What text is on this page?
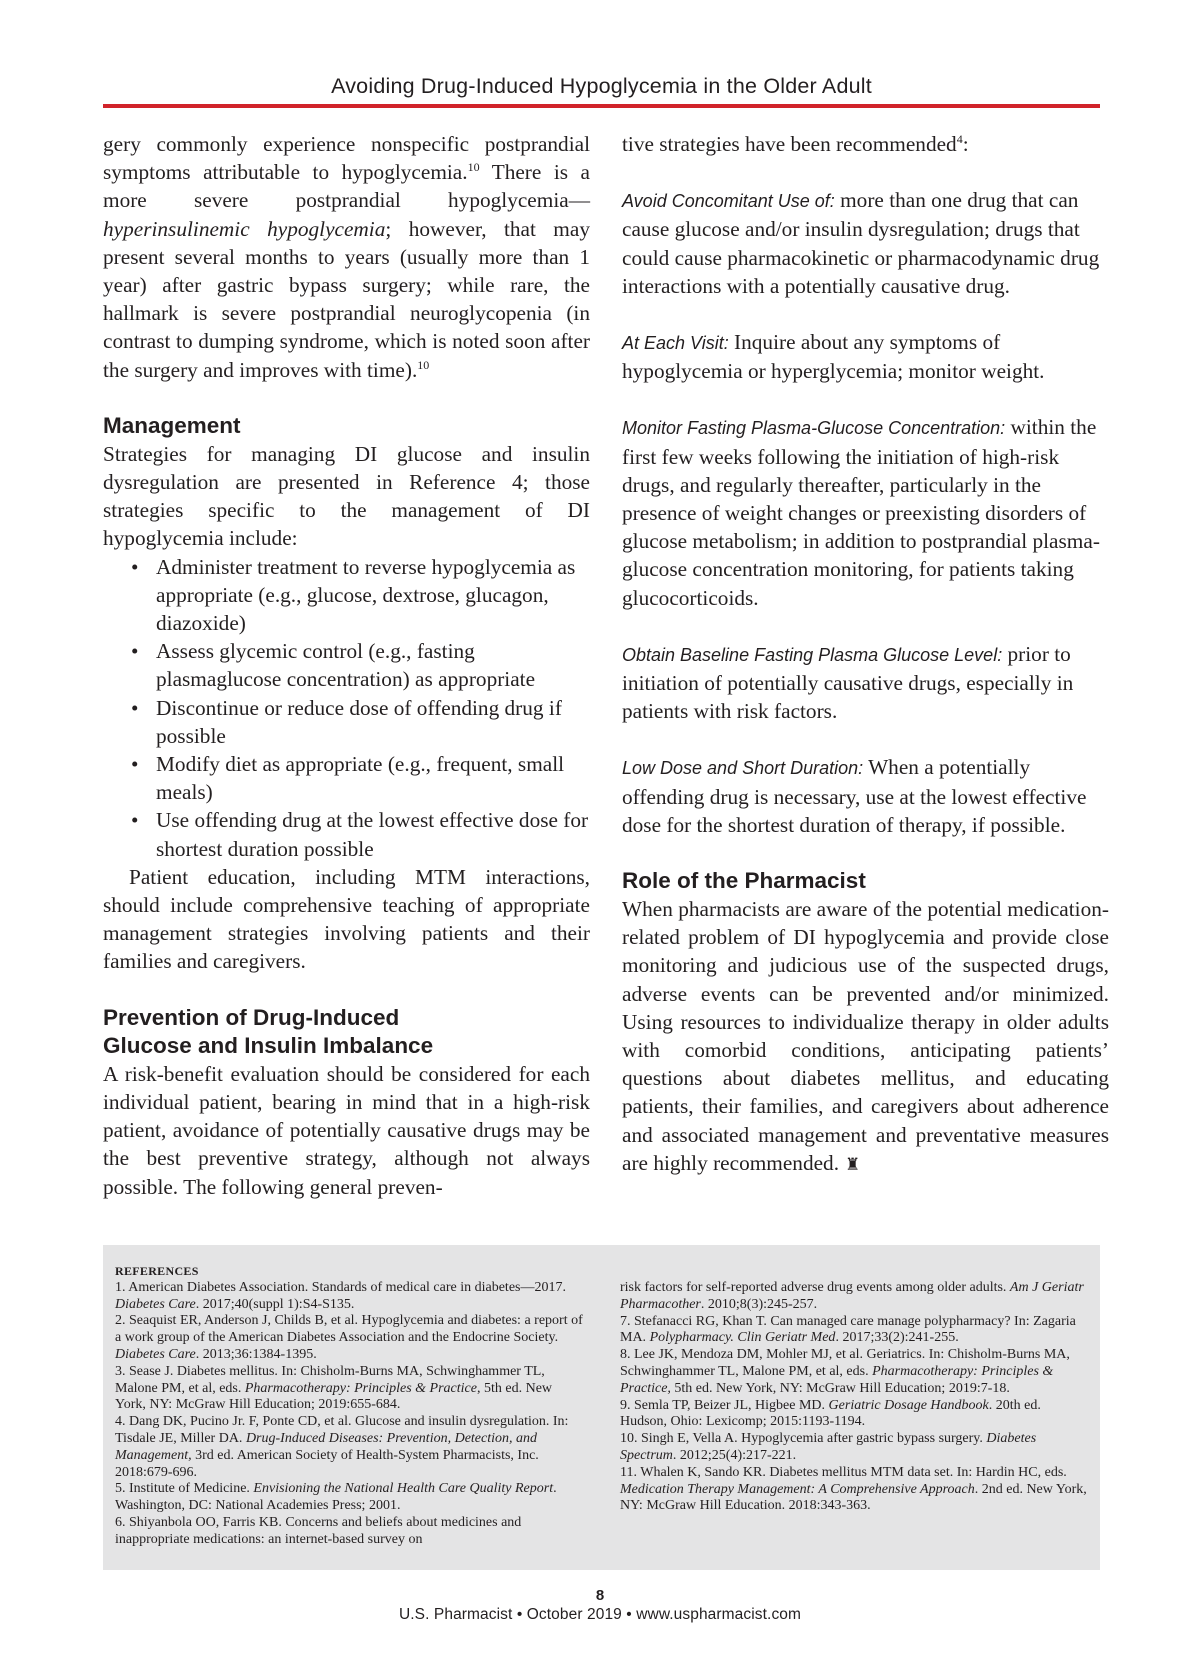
Avoiding Drug-Induced Hypoglycemia in the Older Adult

gery commonly experience nonspecific postprandial symptoms attributable to hypoglycemia.$^{10}$ There is a more severe postprandial hypoglycemia—hyperinsulinemic hypoglycemia; however, that may present several months to years (usually more than 1 year) after gastric bypass surgery; while rare, the hallmark is severe postprandial neuroglycopenia (in contrast to dumping syndrome, which is noted soon after the surgery and improves with time).$^{10}$

Management

Strategies for managing DI glucose and insulin dysregulation are presented in Reference 4; those strategies specific to the management of DI hypoglycemia include:

• Administer treatment to reverse hypoglycemia as appropriate (e.g., glucose, dextrose, glucagon, diazoxide)
• Assess glycemic control (e.g., fasting plasmaglucose concentration) as appropriate
• Discontinue or reduce dose of offending drug if possible
• Modify diet as appropriate (e.g., frequent, small meals)
• Use offending drug at the lowest effective dose for shortest duration possible

Patient education, including MTM interactions, should include comprehensive teaching of appropriate management strategies involving patients and their families and caregivers.

Prevention of Drug-Induced
Glucose and Insulin Imbalance

A risk-benefit evaluation should be considered for each individual patient, bearing in mind that in a high-risk patient, avoidance of potentially causative drugs may be the best preventive strategy, although not always possible. The following general preven-

tive strategies have been recommended$^4$:

Avoid Concomitant Use of: more than one drug that can cause glucose and/or insulin dysregulation; drugs that could cause pharmacokinetic or pharmacodynamic drug interactions with a potentially causative drug.

At Each Visit: Inquire about any symptoms of hypoglycemia or hyperglycemia; monitor weight.

Monitor Fasting Plasma-Glucose Concentration: within the first few weeks following the initiation of high-risk drugs, and regularly thereafter, particularly in the presence of weight changes or preexisting disorders of glucose metabolism; in addition to postprandial plasma-glucose concentration monitoring, for patients taking glucocorticoids.

Obtain Baseline Fasting Plasma Glucose Level: prior to initiation of potentially causative drugs, especially in patients with risk factors.

Low Dose and Short Duration: When a potentially offending drug is necessary, use at the lowest effective dose for the shortest duration of therapy, if possible.

Role of the Pharmacist

When pharmacists are aware of the potential medication-related problem of DI hypoglycemia and provide close monitoring and judicious use of the suspected drugs, adverse events can be prevented and/or minimized. Using resources to individualize therapy in older adults with comorbid conditions, anticipating patients’ questions about diabetes mellitus, and educating patients, their families, and caregivers about adherence and associated management and preventative measures are highly recommended. ♜

REFERENCES

1. American Diabetes Association. Standards of medical care in diabetes—2017. Diabetes Care. 2017;40(suppl 1):S4-S135.

2. Seaquist ER, Anderson J, Childs B, et al. Hypoglycemia and diabetes: a report of a work group of the American Diabetes Association and the Endocrine Society. Diabetes Care. 2013;36:1384-1395.

3. Sease J. Diabetes mellitus. In: Chisholm-Burns MA, Schwinghammer TL, Malone PM, et al, eds. Pharmacotherapy: Principles & Practice, 5th ed. New York, NY: McGraw Hill Education; 2019:655-684.

4. Dang DK, Pucino Jr. F, Ponte CD, et al. Glucose and insulin dysregulation. In: Tisdale JE, Miller DA. Drug-Induced Diseases: Prevention, Detection, and Management, 3rd ed. American Society of Health-System Pharmacists, Inc. 2018:679-696.

5. Institute of Medicine. Envisioning the National Health Care Quality Report. Washington, DC: National Academies Press; 2001.

6. Shiyanbola OO, Farris KB. Concerns and beliefs about medicines and inappropriate medications: an internet-based survey on

risk factors for self-reported adverse drug events among older adults. Am J Geriatr Pharmacother. 2010;8(3):245-257.

7. Stefanacci RG, Khan T. Can managed care manage polypharmacy? In: Zagaria MA. Polypharmacy. Clin Geriatr Med. 2017;33(2):241-255.

8. Lee JK, Mendoza DM, Mohler MJ, et al. Geriatrics. In: Chisholm-Burns MA, Schwinghammer TL, Malone PM, et al, eds. Pharmacotherapy: Principles & Practice, 5th ed. New York, NY: McGraw Hill Education; 2019:7-18.

9. Semla TP, Beizer JL, Higbee MD. Geriatric Dosage Handbook. 20th ed. Hudson, Ohio: Lexicomp; 2015:1193-1194.

10. Singh E, Vella A. Hypoglycemia after gastric bypass surgery. Diabetes Spectrum. 2012;25(4):217-221.

11. Whalen K, Sando KR. Diabetes mellitus MTM data set. In: Hardin HC, eds. Medication Therapy Management: A Comprehensive Approach. 2nd ed. New York, NY: McGraw Hill Education. 2018:343-363.

8
U.S. Pharmacist • October 2019 • www.uspharmacist.com
